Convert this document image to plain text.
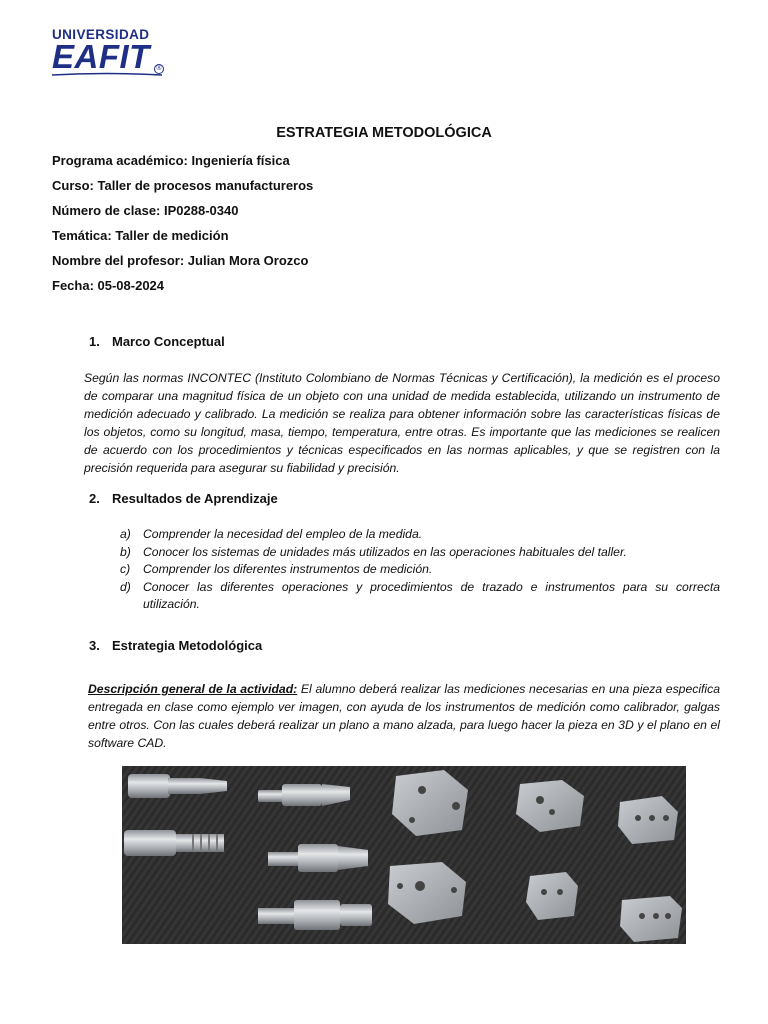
UNIVERSIDAD
EAFIT ®
ESTRATEGIA METODOLÓGICA
Programa académico: Ingeniería física
Curso: Taller de procesos manufactureros
Número de clase: IP0288-0340
Temática: Taller de medición
Nombre del profesor: Julian Mora Orozco
Fecha: 05-08-2024
1. Marco Conceptual
Según las normas INCONTEC (Instituto Colombiano de Normas Técnicas y Certificación), la medición es el proceso de comparar una magnitud física de un objeto con una unidad de medida establecida, utilizando un instrumento de medición adecuado y calibrado. La medición se realiza para obtener información sobre las características físicas de los objetos, como su longitud, masa, tiempo, temperatura, entre otras. Es importante que las mediciones se realicen de acuerdo con los procedimientos y técnicas especificados en las normas aplicables, y que se registren con la precisión requerida para asegurar su fiabilidad y precisión.
2. Resultados de Aprendizaje
a) Comprender la necesidad del empleo de la medida.
b) Conocer los sistemas de unidades más utilizados en las operaciones habituales del taller.
c) Comprender los diferentes instrumentos de medición.
d) Conocer las diferentes operaciones y procedimientos de trazado e instrumentos para su correcta utilización.
3. Estrategia Metodológica
Descripción general de la actividad: El alumno deberá realizar las mediciones necesarias en una pieza especifica entregada en clase como ejemplo ver imagen, con ayuda de los instrumentos de medición como calibrador, galgas entre otros. Con las cuales deberá realizar un plano a mano alzada, para luego hacer la pieza en 3D y el plano en el software CAD.
